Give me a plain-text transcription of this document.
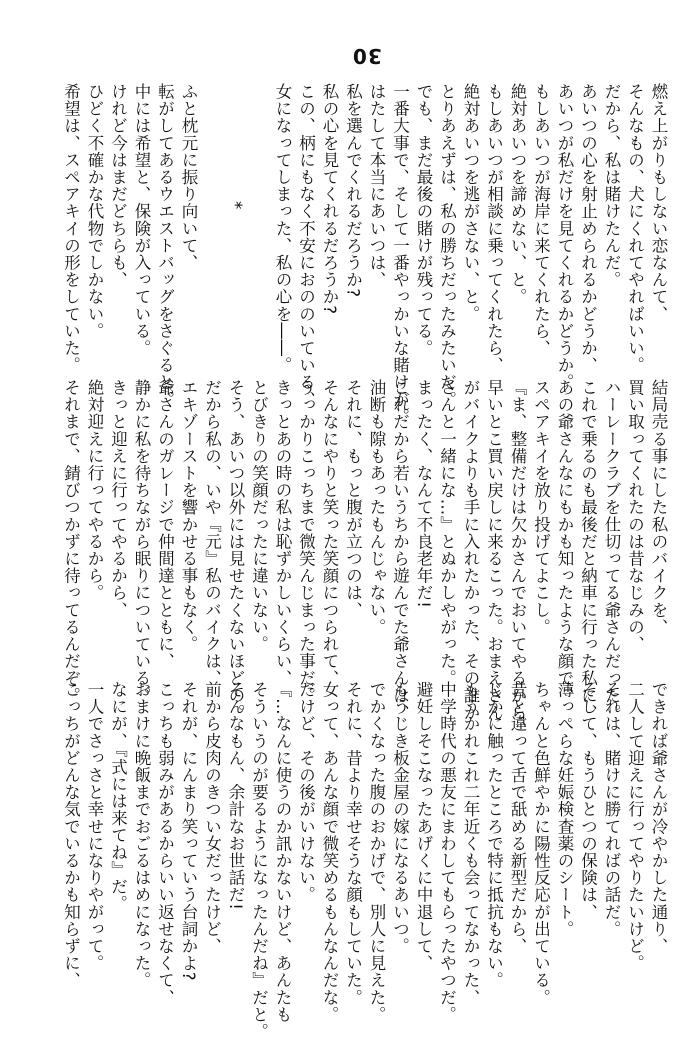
30
燃え上がりもしない恋なんて、
そんなもの、犬にくれてやればいい。
だから、私は賭けたんだ。
あいつの心を射止められるかどうか、
あいつが私だけを見てくれるかどうか。
もしあいつが海岸に来てくれたら、
絶対あいつを諦めない、と。
もしあいつが相談に乗ってくれたら、
絶対あいつを逃がさない、と。
とりあえずは、私の勝ちだったみたいだ。
でも、まだ最後の賭けが残ってる。
一番大事で、そして一番やっかいな賭けが。
はたして本当にあいつは、
私を選んでくれるだろうか?
私の心を見てくれるだろうか?
この、柄にもなく不安におののいている、
女になってしまった、私の心を――。
*
ふと枕元に振り向いて、
転がしてあるウエストバッグをさぐると。
中には希望と、保険が入っている。
けれど今はまだどちらも、
ひどく不確かな代物でしかない。
希望は、スペアキイの形をしていた。
結局売る事にした私のバイクを、
買い取ってくれたのは昔なじみの、
ハーレークラブを仕切ってる爺さんだった。
これで乗るのも最後だと納車に行った私に、
あの爺さんなにもかも知ったような顔で、
スペアキイを放り投げてよこし。
『ま、整備だけは欠かさんでおいてやるから、
早いとこ買い戻しに来るこった。おまえさん
がバイクよりも手に入れたかった、その誰か
さんと一緒にな…』とぬかしやがった。
まったく、なんて不良老年だ!
これだから若いうちから遊んでた爺さんは、
油断も隙もあったもんじゃない。
それに、もっと腹が立つのは、
そんなにやりと笑った笑顔につられて、
うっかりこっちまで微笑んじまった事だ。
きっとあの時の私は恥ずかしいくらい、
とびきりの笑顔だったに違いない。
そう、あいつ以外には見せたくないほどの。
だから私の、いや『元』私のバイクは、
エキゾーストを響かせる事もなく。
爺さんのガレージで仲間達とともに、
静かに私を待ちながら眠りについている。
きっと迎えに行ってやるから、
絶対迎えに行ってやるから。
それまで、錆びつかずに待ってるんだぞ。
できれば爺さんが冷やかした通り、
二人して迎えに行ってやりたいけど。
それは、賭けに勝てればの話だ。
そして、もうひとつの保険は、
薄っぺらな妊娠検査薬のシート。
ちゃんと色鮮やかに陽性反応が出ている。
昔と違って舌で舐める新型だから、
じかに触ったところで特に抵抗もない。
もうかれこれ二年近くも会ってなかった、
中学時代の悪友にまわしてもらったやつだ。
避妊しそこなったあげくに中退して、
もうじき板金屋の嫁になるあいつ。
でかくなった腹のおかげで、別人に見えた。
それに、昔より幸せそうな顔もしていた。
女って、あんな顔で微笑めるもんなんだな。
だけど、その後がいけない。
『…なんに使うのか訊かないけど、あんたも
そういうのが要るようになったんだね』だと。
そんなもん、余計なお世話だ!
前から皮肉のきつい女だったけど、
それが、にんまり笑っていう台詞かよ?
こっちも弱みがあるからいい返せなくて、
おまけに晩飯までおごるはめになった。
なにが、『式には来てね』だ。
一人でさっさと幸せになりやがって。
こっちがどんな気でいるかも知らずに、
